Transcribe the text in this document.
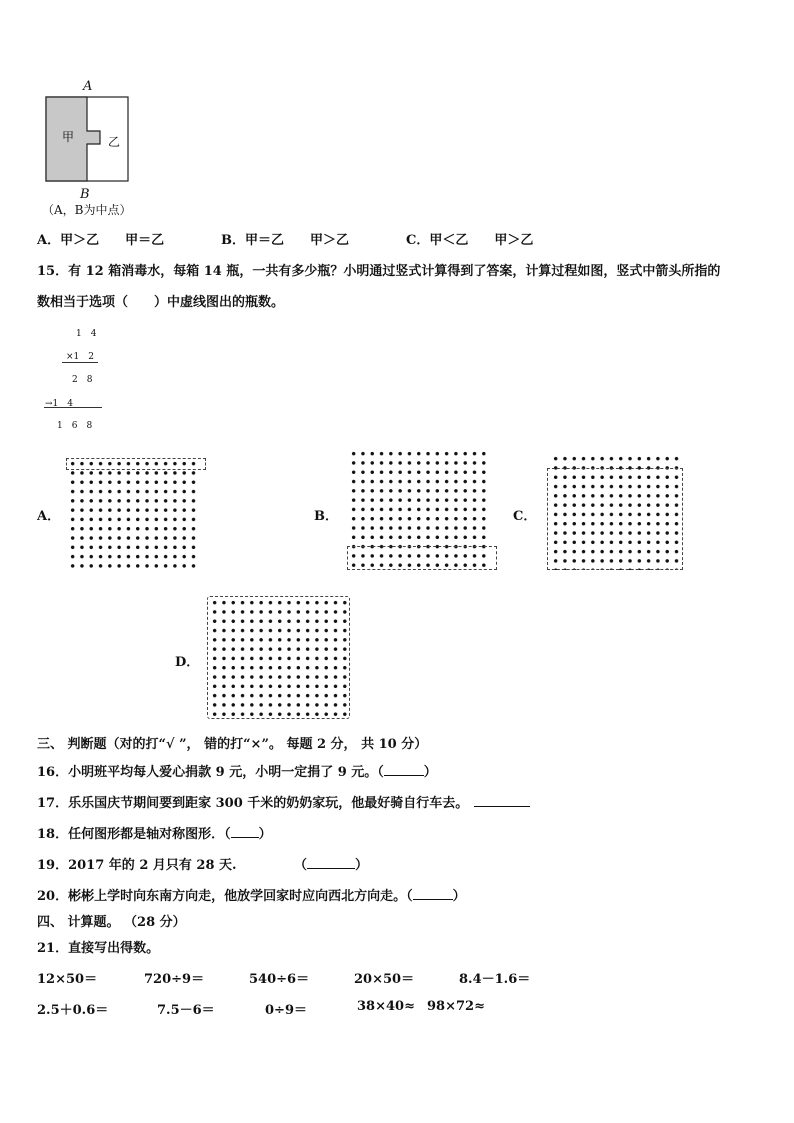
A
甲	乙
B
（A，B为中点）
A．甲＞乙　　甲＝乙	B．甲＝乙　　甲＞乙	C．甲＜乙　　甲＞乙
15．有 12 箱消毒水，每箱 14 瓶，一共有多少瓶？小明通过竖式计算得到了答案，计算过程如图，竖式中箭头所指的
数相当于选项（　　）中虚线图出的瓶数。
1　4
×1　2
2　8
→1　4
1　6　8
A．	B．	C．
D．
三、 判断题（对的打“√ ”， 错的打“×”。 每题 2 分， 共 10 分）
16．小明班平均每人爱心捐款 9 元，小明一定捐了 9 元。（	）
17．乐乐国庆节期间要到距家 300 千米的奶奶家玩，他最好骑自行车去。
18．任何图形都是轴对称图形．（ ）
19．2017 年的 2 月只有 28 天.	（	）
20．彬彬上学时向东南方向走，他放学回家时应向西北方向走。（	）
四、 计算题。 （28 分）
21．直接写出得数。
12×50＝	720÷9＝	540÷6＝	20×50＝	8.4－1.6＝
2.5＋0.6＝	7.5－6＝	0÷9＝	38×40≈ 98×72≈
